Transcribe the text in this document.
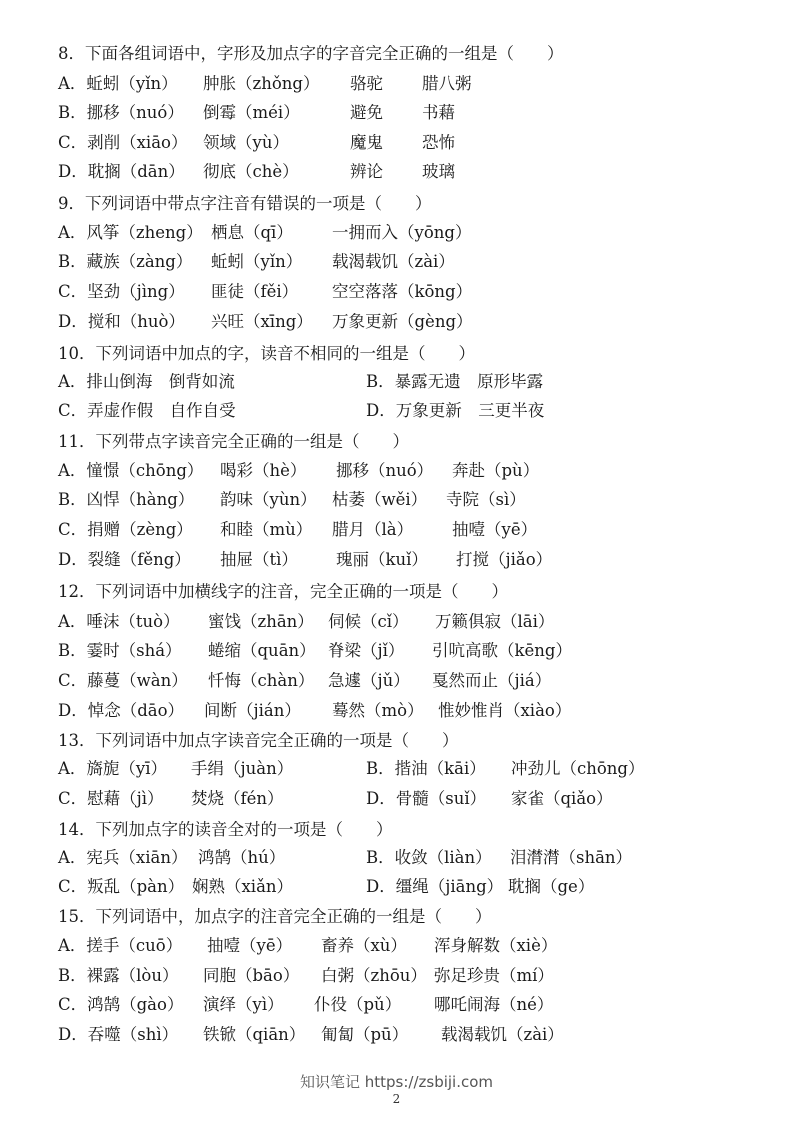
8．下面各组词语中，字形及加点字的字音完全正确的一组是（　　）
A．蚯蚓（yǐn） 肿胀（zhǒng） 骆驼 腊八粥
B．挪移（nuó） 倒霉（méi）	避免 书藉
C．剥削（xiāo） 领域（yù）	魔鬼 恐怖
D．耽搁（dān） 彻底（chè）	辨论 玻璃
9．下列词语中带点字注音有错误的一项是（　　）
A．风筝（zheng） 栖息（qī） 一拥而入（yōng）
B．藏族（zàng） 蚯蚓（yǐn） 载渴载饥（zài）
C．坚劲（jìng） 匪徒（fěi） 空空落落（kōng）
D．搅和（huò） 兴旺（xīng） 万象更新（gèng）
10．下列词语中加点的字，读音不相同的一组是（　　）
A．排山倒海　倒背如流	B．暴露无遗　原形毕露
C．弄虚作假　自作自受	D．万象更新　三更半夜
11．下列带点字读音完全正确的一组是（　　）
A．憧憬（chōng） 喝彩（hè） 挪移（nuó） 奔赴（pù）
B．凶悍（hàng） 韵味（yùn） 枯萎（wěi） 寺院（sì）
C．捐赠（zèng） 和睦（mù） 腊月（là） 抽噎（yē）
D．裂缝（fěng） 抽屉（tì） 瑰丽（kuǐ） 打搅（jiǎo）
12．下列词语中加横线字的注音，完全正确的一项是（　　）
A．唾沫（tuò） 蜜饯（zhān） 伺候（cǐ） 万籁俱寂（lāi）
B．霎时（shá） 蜷缩（quān） 脊梁（jǐ） 引吭高歌（kēng）
C．藤蔓（wàn） 忏悔（chàn） 急遽（jǔ） 戛然而止（jiá）
D．悼念（dāo） 间断（jián） 蓦然（mò） 惟妙惟肖（xiào）
13．下列词语中加点字读音完全正确的一项是（　　）
A．旖旎（yī） 手绢（juàn）	B．揩油（kāi） 冲劲儿（chōng）
C．慰藉（jì） 焚烧（fén）	D．骨髓（suǐ） 家雀（qiǎo）
14．下列加点字的读音全对的一项是（　　）
A．宪兵（xiān） 鸿鹄（hú）	B．收敛（liàn） 泪潸潸（shān）
C．叛乱（pàn） 娴熟（xiǎn）	D．缰绳（jiāng） 耽搁（ge）
15．下列词语中，加点字的注音完全正确的一组是（　　）
A．搓手（cuō） 抽噎（yē） 畜养（xù） 浑身解数（xiè）
B．裸露（lòu） 同胞（bāo） 白粥（zhōu） 弥足珍贵（mí）
C．鸿鹄（gào） 演绎（yì） 仆役（pǔ） 哪吒闹海（né）
D．吞噬（shì） 铁锨（qiān） 匍匐（pū） 载渴载饥（zài）
知识笔记 https://zsbiji.com
2
